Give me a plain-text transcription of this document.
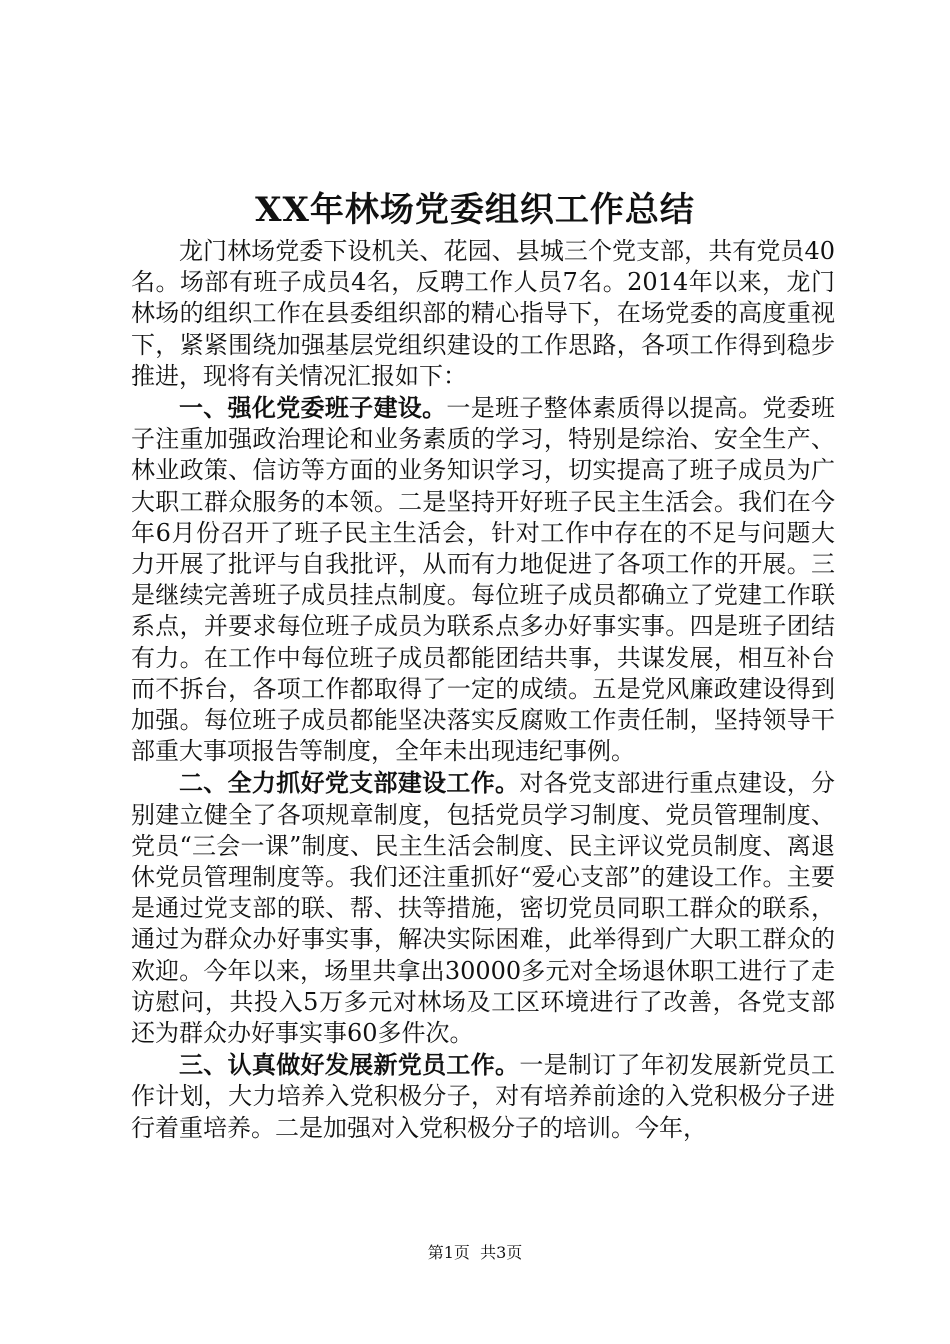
XX年林场党委组织工作总结

龙门林场党委下设机关、花园、县城三个党支部，共有党员40名。场部有班子成员4名，反聘工作人员7名。2014年以来，龙门林场的组织工作在县委组织部的精心指导下，在场党委的高度重视下，紧紧围绕加强基层党组织建设的工作思路，各项工作得到稳步推进，现将有关情况汇报如下：

一、强化党委班子建设。一是班子整体素质得以提高。党委班子注重加强政治理论和业务素质的学习，特别是综治、安全生产、林业政策、信访等方面的业务知识学习，切实提高了班子成员为广大职工群众服务的本领。二是坚持开好班子民主生活会。我们在今年6月份召开了班子民主生活会，针对工作中存在的不足与问题大力开展了批评与自我批评，从而有力地促进了各项工作的开展。三是继续完善班子成员挂点制度。每位班子成员都确立了党建工作联系点，并要求每位班子成员为联系点多办好事实事。四是班子团结有力。在工作中每位班子成员都能团结共事，共谋发展，相互补台而不拆台，各项工作都取得了一定的成绩。五是党风廉政建设得到加强。每位班子成员都能坚决落实反腐败工作责任制，坚持领导干部重大事项报告等制度，全年未出现违纪事例。

二、全力抓好党支部建设工作。对各党支部进行重点建设，分别建立健全了各项规章制度，包括党员学习制度、党员管理制度、党员“三会一课”制度、民主生活会制度、民主评议党员制度、离退休党员管理制度等。我们还注重抓好“爱心支部”的建设工作。主要是通过党支部的联、帮、扶等措施，密切党员同职工群众的联系，通过为群众办好事实事，解决实际困难，此举得到广大职工群众的欢迎。今年以来，场里共拿出30000多元对全场退休职工进行了走访慰问，共投入5万多元对林场及工区环境进行了改善，各党支部还为群众办好事实事60多件次。

三、认真做好发展新党员工作。一是制订了年初发展新党员工作计划，大力培养入党积极分子，对有培养前途的入党积极分子进行着重培养。二是加强对入党积极分子的培训。今年，

第1页 共3页
